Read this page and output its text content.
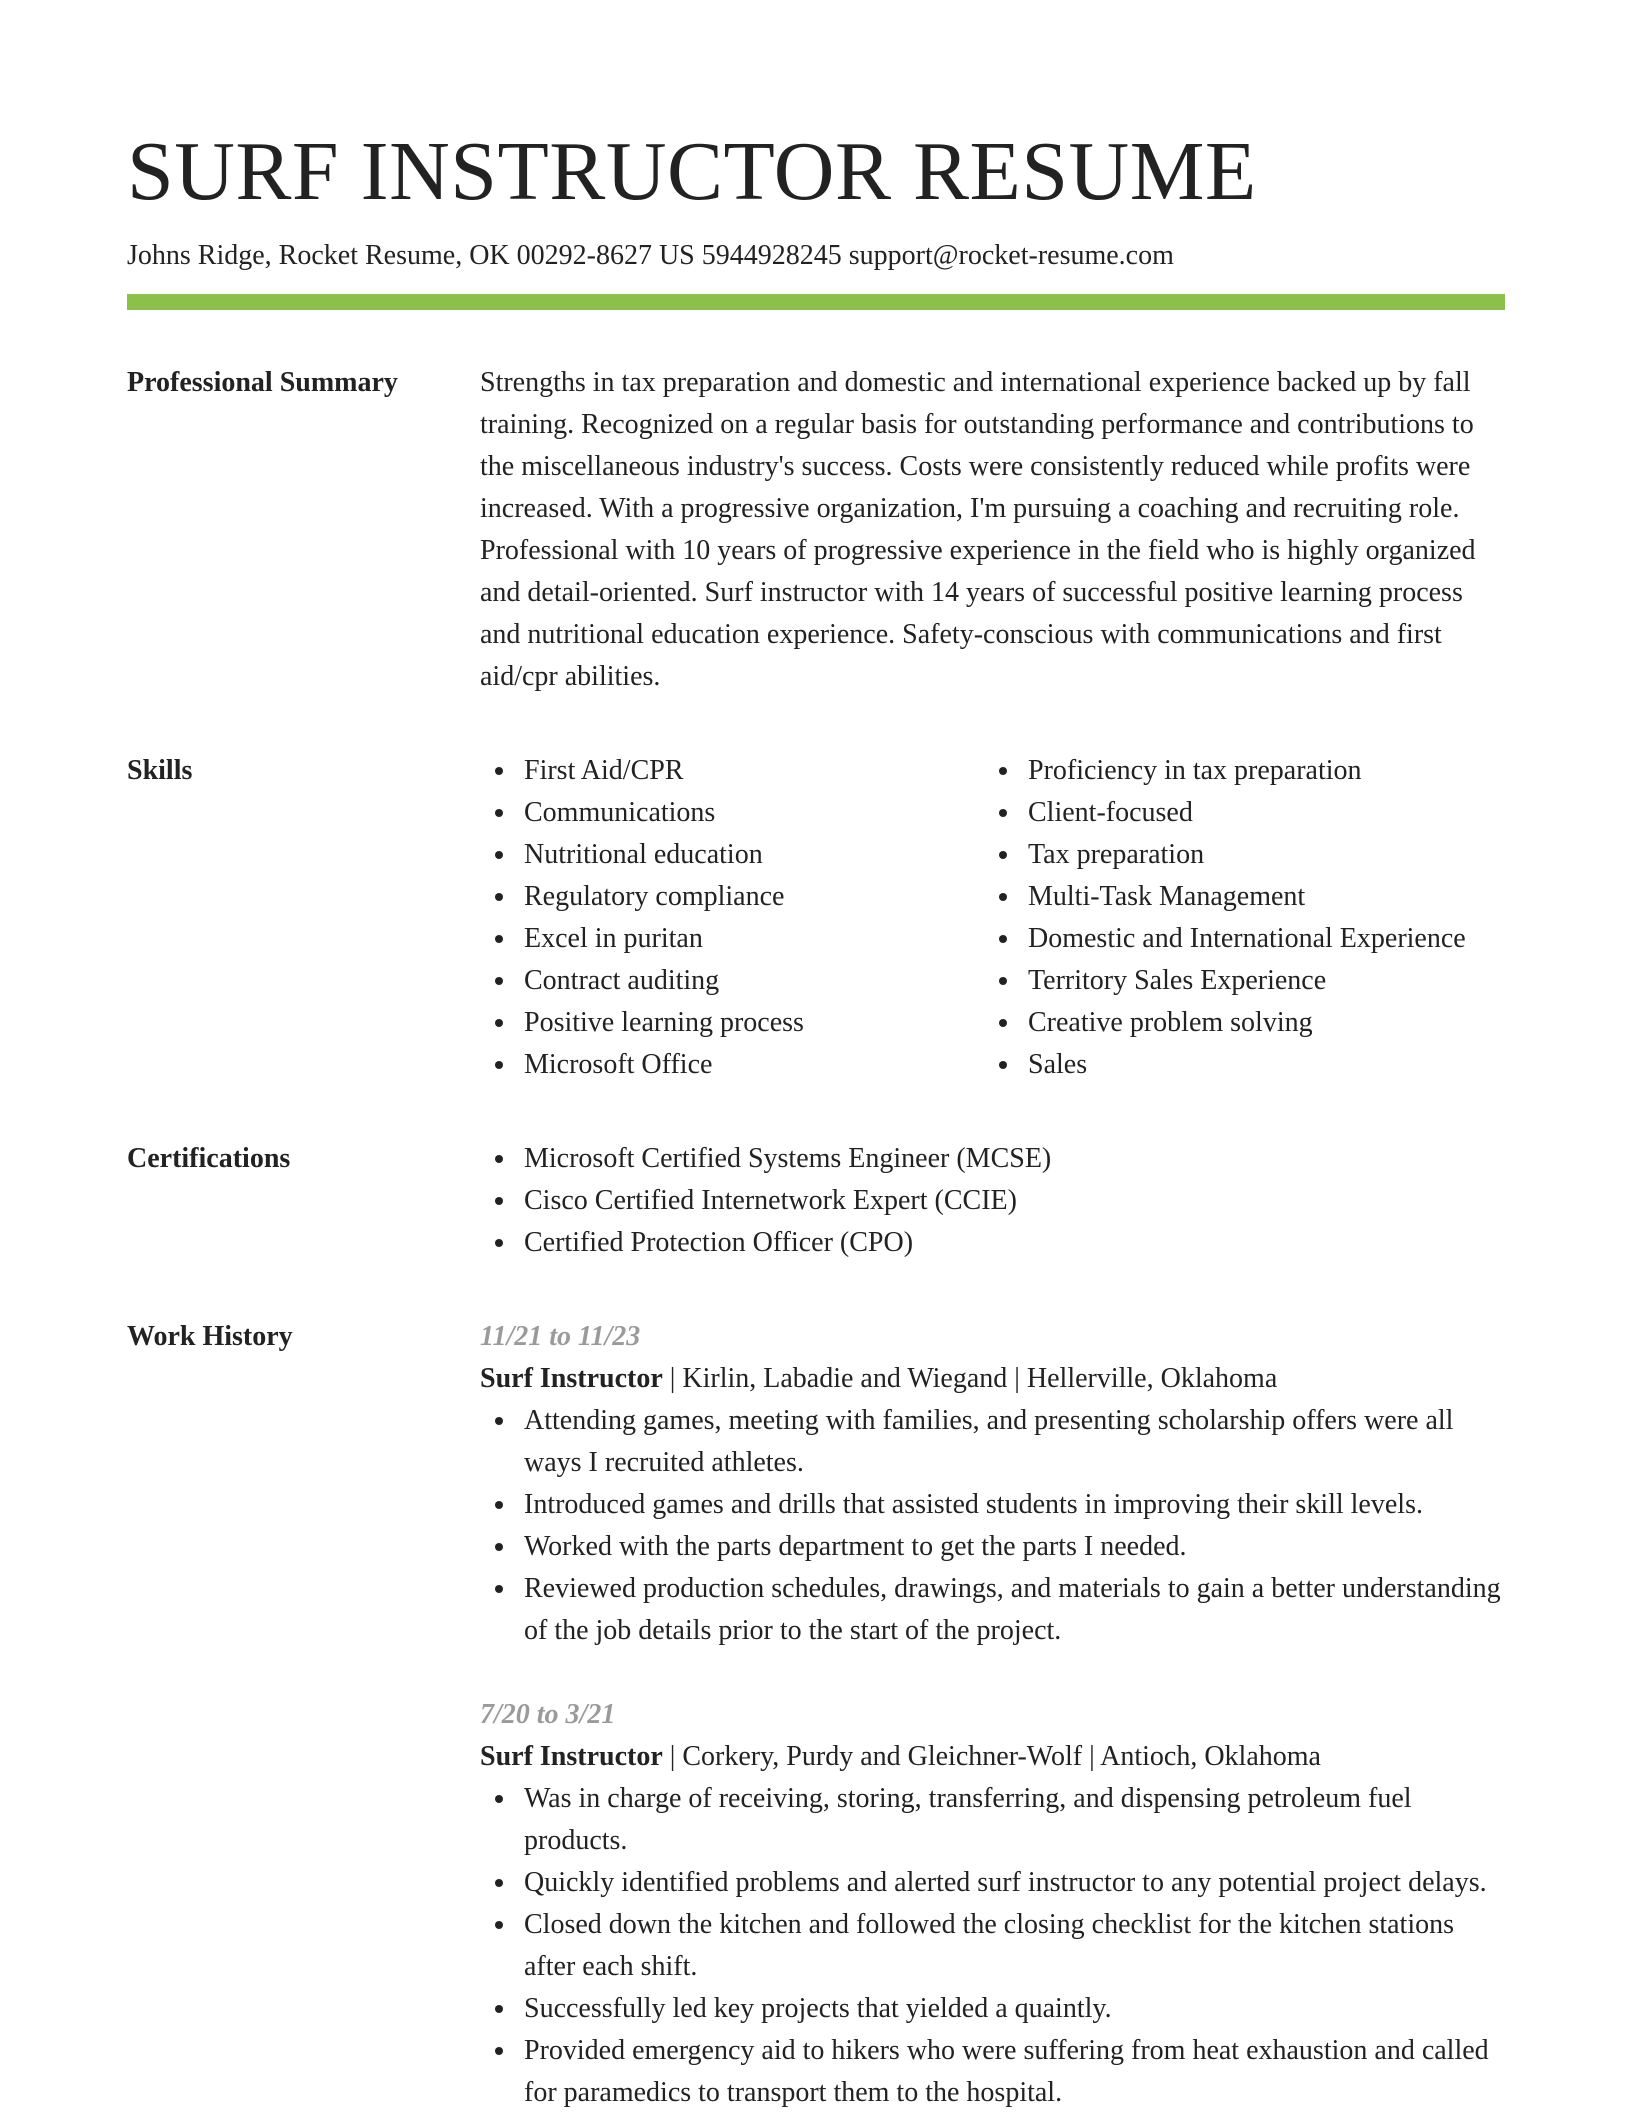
SURF INSTRUCTOR RESUME
Johns Ridge, Rocket Resume, OK 00292-8627 US 5944928245 support@rocket-resume.com
Professional Summary	Strengths in tax preparation and domestic and international experience backed up by fall training. Recognized on a regular basis for outstanding performance and contributions to the miscellaneous industry's success. Costs were consistently reduced while profits were increased. With a progressive organization, I'm pursuing a coaching and recruiting role. Professional with 10 years of progressive experience in the field who is highly organized and detail-oriented. Surf instructor with 14 years of successful positive learning process and nutritional education experience. Safety-conscious with communications and first aid/cpr abilities.

Skills	First Aid/CPR
Communications
Nutritional education
Regulatory compliance
Excel in puritan
Contract auditing
Positive learning process
Microsoft Office
Proficiency in tax preparation
Client-focused
Tax preparation
Multi-Task Management
Domestic and International Experience
Territory Sales Experience
Creative problem solving
Sales
Certifications	Microsoft Certified Systems Engineer (MCSE)
Cisco Certified Internetwork Expert (CCIE)
Certified Protection Officer (CPO)
Work History	11/21 to 11/23
Surf Instructor | Kirlin, Labadie and Wiegand | Hellerville, Oklahoma
Attending games, meeting with families, and presenting scholarship offers were all ways I recruited athletes.
Introduced games and drills that assisted students in improving their skill levels.
Worked with the parts department to get the parts I needed.
Reviewed production schedules, drawings, and materials to gain a better understanding of the job details prior to the start of the project.
7/20 to 3/21
Surf Instructor | Corkery, Purdy and Gleichner-Wolf | Antioch, Oklahoma
Was in charge of receiving, storing, transferring, and dispensing petroleum fuel products.
Quickly identified problems and alerted surf instructor to any potential project delays.
Closed down the kitchen and followed the closing checklist for the kitchen stations after each shift.
Successfully led key projects that yielded a quaintly.
Provided emergency aid to hikers who were suffering from heat exhaustion and called for paramedics to transport them to the hospital.
